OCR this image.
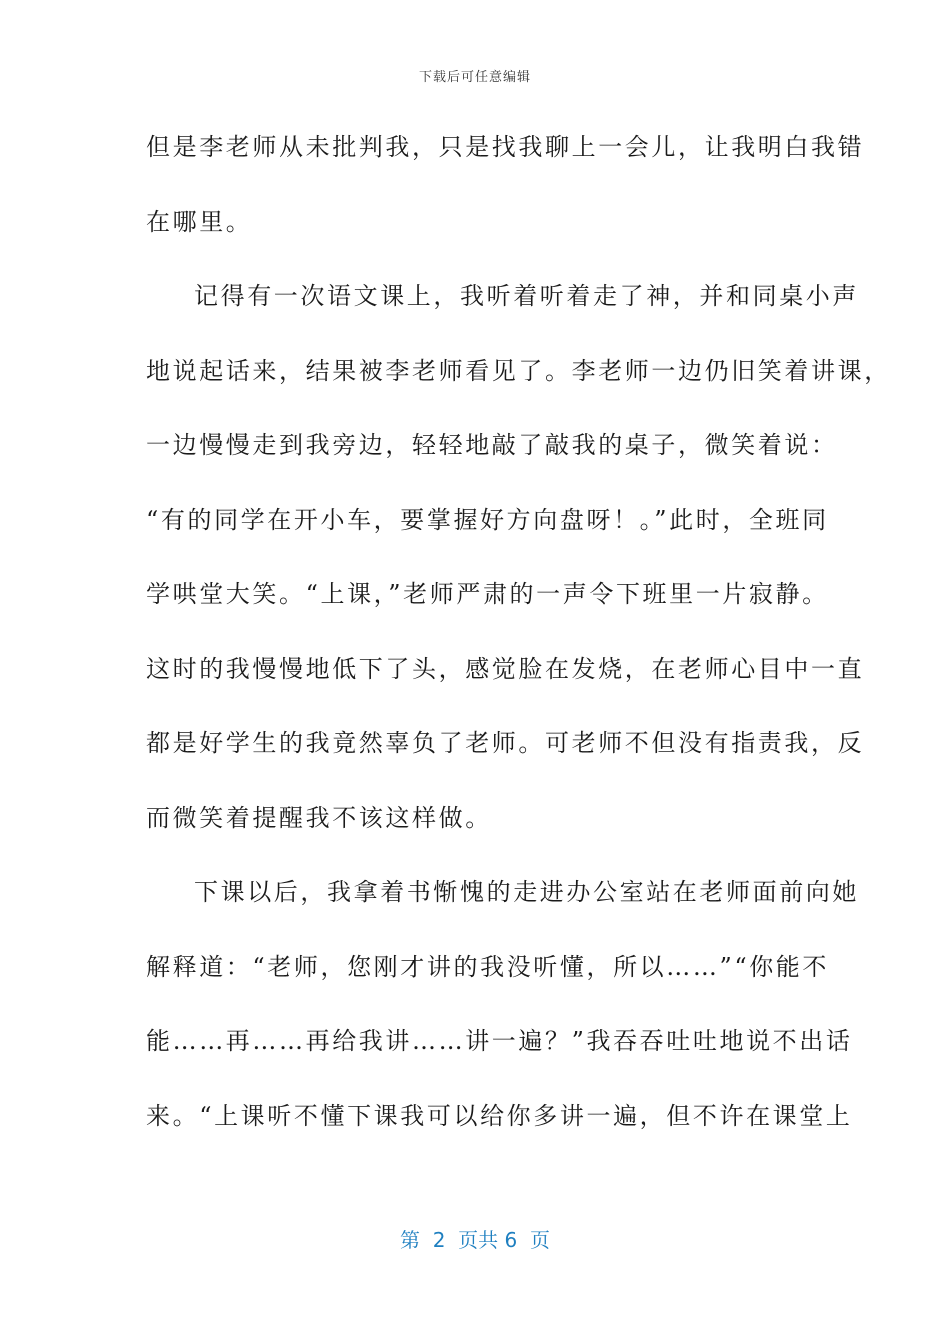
下载后可任意编辑
但是李老师从未批判我，只是找我聊上一会儿，让我明白我错
在哪里。
记得有一次语文课上，我听着听着走了神，并和同桌小声
地说起话来，结果被李老师看见了。李老师一边仍旧笑着讲课，
一边慢慢走到我旁边，轻轻地敲了敲我的桌子，微笑着说：
“有的同学在开小车，要掌握好方向盘呀！。”此时，全班同
学哄堂大笑。“上课，”老师严肃的一声令下班里一片寂静。
这时的我慢慢地低下了头，感觉脸在发烧，在老师心目中一直
都是好学生的我竟然辜负了老师。可老师不但没有指责我，反
而微笑着提醒我不该这样做。
下课以后，我拿着书惭愧的走进办公室站在老师面前向她
解释道：“老师，您刚才讲的我没听懂，所以……”“你能不
能……再……再给我讲……讲一遍？”我吞吞吐吐地说不出话
来。“上课听不懂下课我可以给你多讲一遍，但不许在课堂上
第  2  页共 6  页
